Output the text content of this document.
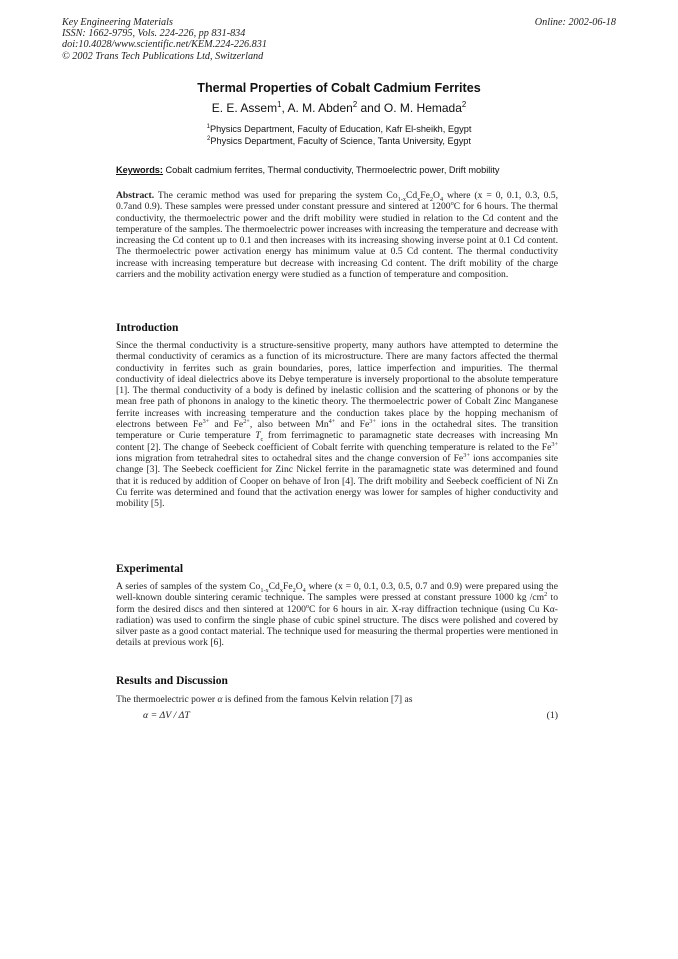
Key Engineering Materials
ISSN: 1662-9795, Vols. 224-226, pp 831-834
doi:10.4028/www.scientific.net/KEM.224-226.831
© 2002 Trans Tech Publications Ltd, Switzerland
Online: 2002-06-18
Thermal Properties of Cobalt Cadmium Ferrites
E. E. Assem$^1$, A. M. Abden$^2$ and O. M. Hemada$^2$
$^1$Physics Department, Faculty of Education, Kafr El-sheikh, Egypt
$^2$Physics Department, Faculty of Science, Tanta University, Egypt
Keywords: Cobalt cadmium ferrites, Thermal conductivity, Thermoelectric power, Drift mobility
Abstract. The ceramic method was used for preparing the system $Co_{1-x}Cd_xFe_2O_4$ where (x = 0, 0.1, 0.3, 0.5, 0.7and 0.9). These samples were pressed under constant pressure and sintered at 1200$^o$C for 6 hours. The thermal conductivity, the thermoelectric power and the drift mobility were studied in relation to the Cd content and the temperature of the samples. The thermoelectric power increases with increasing the temperature and decrease with increasing the Cd content up to 0.1 and then increases with its increasing showing inverse point at 0.1 Cd content. The thermoelectric power activation energy has minimum value at 0.5 Cd content. The thermal conductivity increase with increasing temperature but decrease with increasing Cd content. The drift mobility of the charge carriers and the mobility activation energy were studied as a function of temperature and composition.
Introduction
Since the thermal conductivity is a structure-sensitive property, many authors have attempted to determine the thermal conductivity of ceramics as a function of its microstructure. There are many factors affected the thermal conductivity in ferrites such as grain boundaries, pores, lattice imperfection and impurities. The thermal conductivity of ideal dielectrics above its Debye temperature is inversely proportional to the absolute temperature [1]. The thermal conductivity of a body is defined by inelastic collision and the scattering of phonons or by the mean free path of phonons in analogy to the kinetic theory. The thermoelectric power of Cobalt Zinc Manganese ferrite increases with increasing temperature and the conduction takes place by the hopping mechanism of electrons between $Fe^{3+}$ and $Fe^{2+}$, also between $Mn^{4+}$ and $Fe^{3+}$ ions in the octahedral sites. The transition temperature or Curie temperature $T_c$ from ferrimagnetic to paramagnetic state decreases with increasing Mn content [2]. The change of Seebeck coefficient of Cobalt ferrite with quenching temperature is related to the $Fe^{3+}$ ions migration from tetrahedral sites to octahedral sites and the change conversion of $Fe^{3+}$ ions accompanies site change [3]. The Seebeck coefficient for Zinc Nickel ferrite in the paramagnetic state was determined and found that it is reduced by addition of Cooper on behave of Iron [4]. The drift mobility and Seebeck coefficient of Ni Zn Cu ferrite was determined and found that the activation energy was lower for samples of higher conductivity and mobility [5].
Experimental
A series of samples of the system $Co_{1-x}Cd_xFe_2O_4$ where (x = 0, 0.1, 0.3, 0.5, 0.7 and 0.9) were prepared using the well-known double sintering ceramic technique. The samples were pressed at constant pressure 1000 kg $/cm^2$ to form the desired discs and then sintered at 1200$^o$C for 6 hours in air. X-ray diffraction technique (using Cu Kα-radiation) was used to confirm the single phase of cubic spinel structure. The discs were polished and covered by silver paste as a good contact material. The technique used for measuring the thermal properties were mentioned in details at previous work [6].
Results and Discussion
The thermoelectric power α is defined from the famous Kelvin relation [7] as
α = ΔV / ΔT	(1)
